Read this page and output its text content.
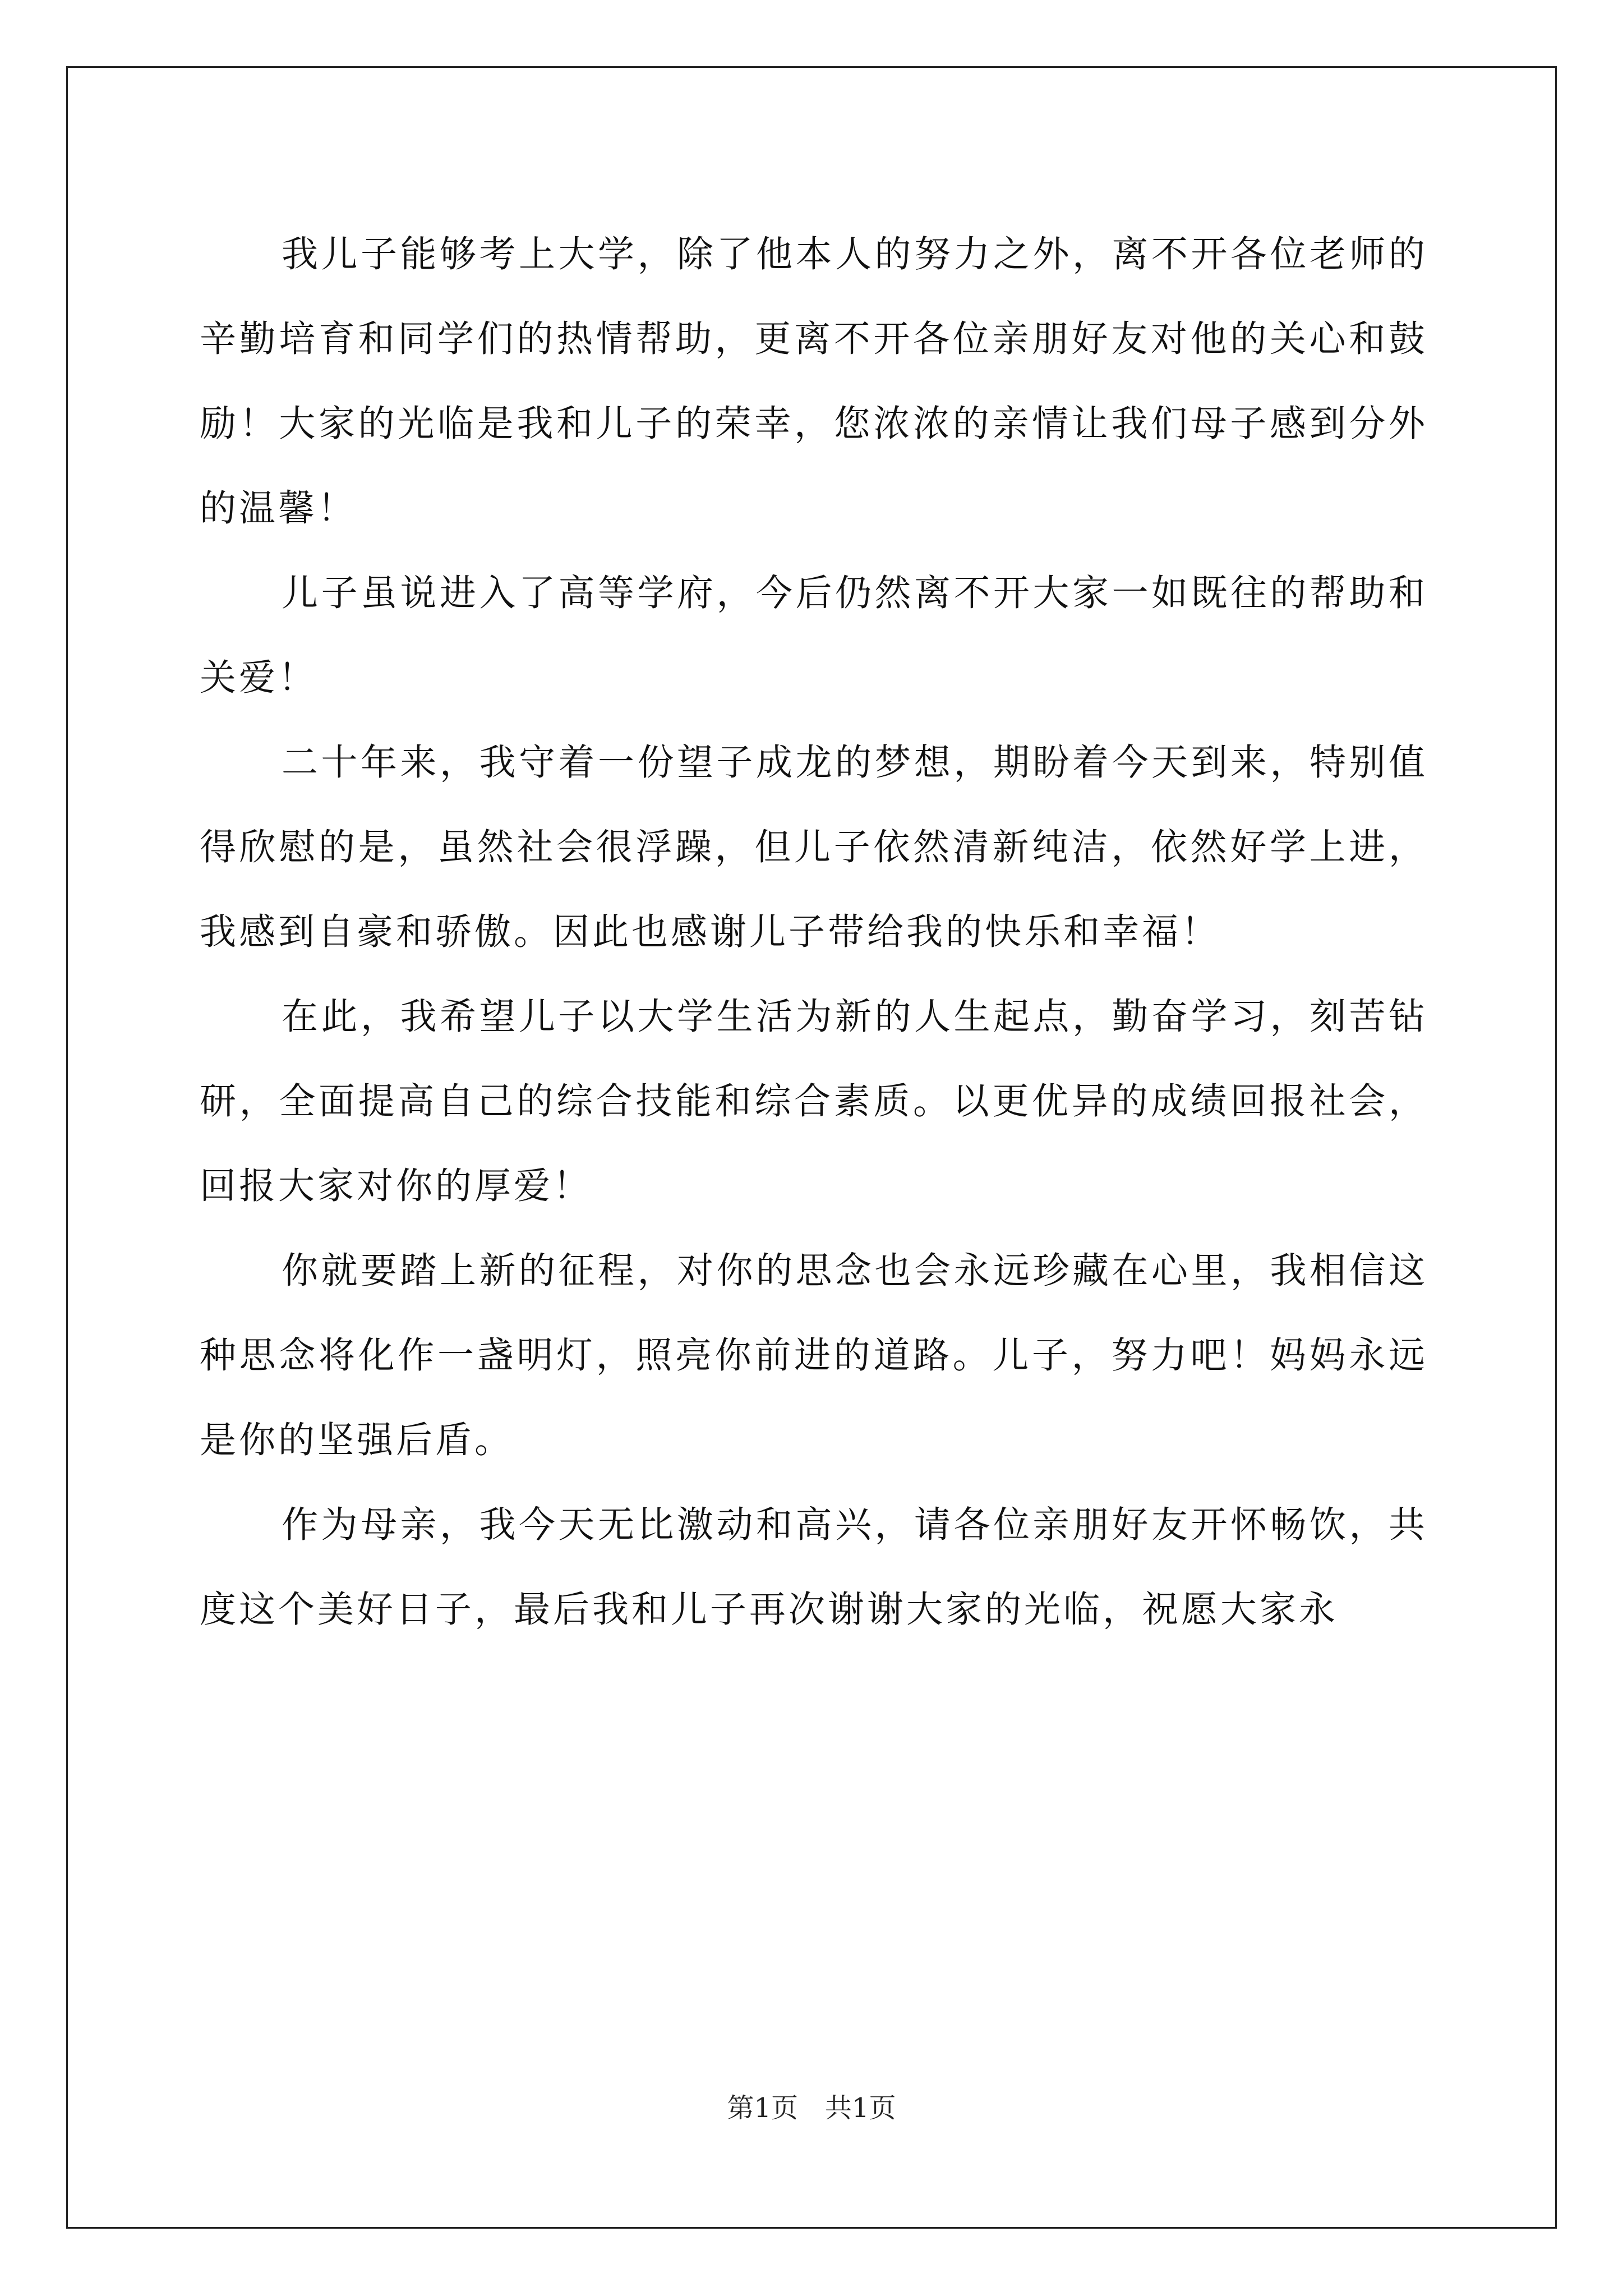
我儿子能够考上大学，除了他本人的努力之外，离不开各位老师的辛勤培育和同学们的热情帮助，更离不开各位亲朋好友对他的关心和鼓励！大家的光临是我和儿子的荣幸，您浓浓的亲情让我们母子感到分外的温馨！

儿子虽说进入了高等学府，今后仍然离不开大家一如既往的帮助和关爱！

二十年来，我守着一份望子成龙的梦想，期盼着今天到来，特别值得欣慰的是，虽然社会很浮躁，但儿子依然清新纯洁，依然好学上进，我感到自豪和骄傲。因此也感谢儿子带给我的快乐和幸福！

在此，我希望儿子以大学生活为新的人生起点，勤奋学习，刻苦钻研，全面提高自己的综合技能和综合素质。以更优异的成绩回报社会，回报大家对你的厚爱！

你就要踏上新的征程，对你的思念也会永远珍藏在心里，我相信这种思念将化作一盏明灯，照亮你前进的道路。儿子，努力吧！妈妈永远是你的坚强后盾。

作为母亲，我今天无比激动和高兴，请各位亲朋好友开怀畅饮，共度这个美好日子，最后我和儿子再次谢谢大家的光临，祝愿大家永

第1页 共1页
